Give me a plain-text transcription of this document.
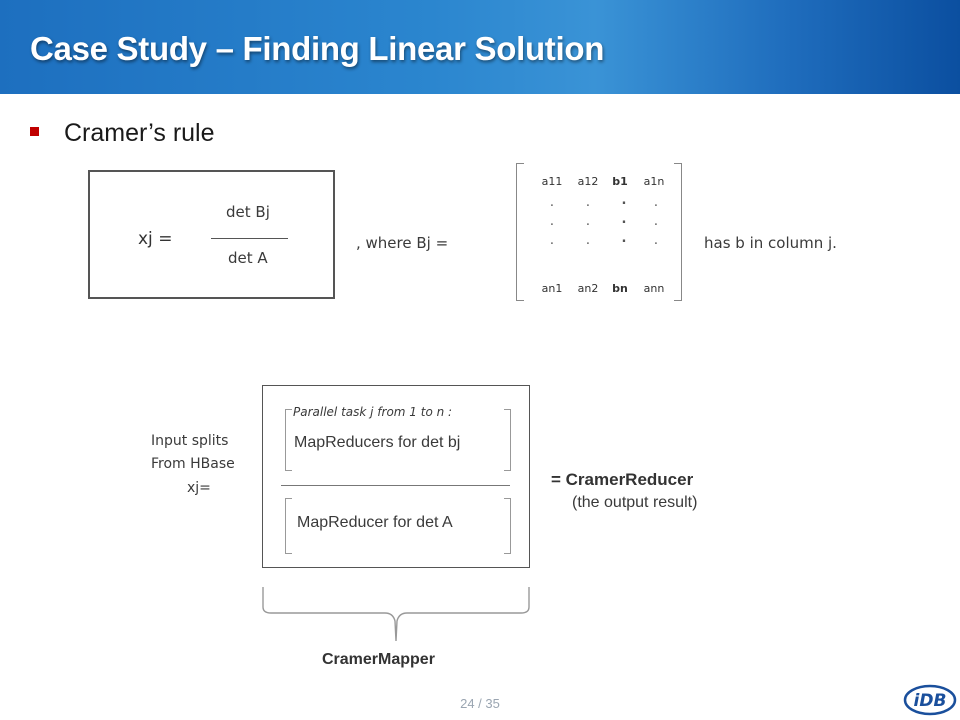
Case Study – Finding Linear Solution
Cramer’s rule
xj =
det Bj
det A
, where Bj =
a11 a12	b1	a1n
.	.	.	.
.	.	.	.
.	.	.	.
an1 an2	bn	ann
has b in column j.
Input splits
From HBase
xj=
Parallel task j from 1 to n :
MapReducers for det bj
MapReducer for det A
= CramerReducer
(the output result)
CramerMapper
24 / 35	iDB
